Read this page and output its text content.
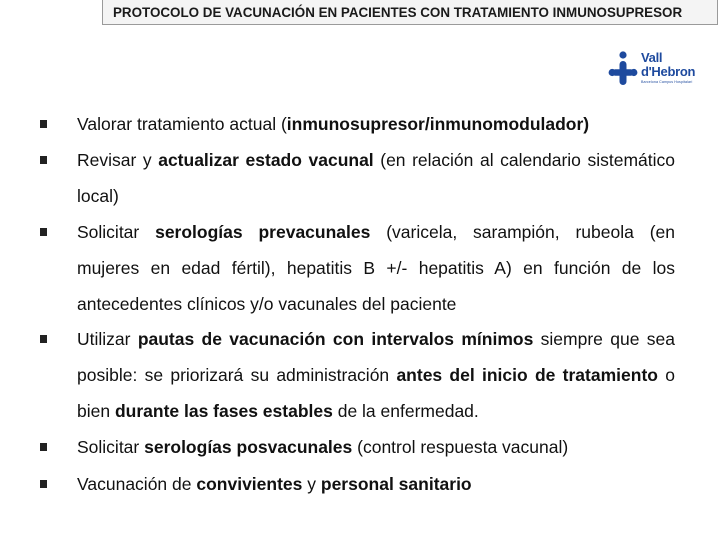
PROTOCOLO DE VACUNACIÓN EN PACIENTES CON TRATAMIENTO INMUNOSUPRESOR
Vall
d'Hebron
Barcelona Campus Hospitalari

Valorar tratamiento actual (inmunosupresor/inmunomodulador)

Revisar y actualizar estado vacunal (en relación al calendario sistemático local)

Solicitar serologías prevacunales (varicela, sarampión, rubeola (en mujeres en edad fértil), hepatitis B +/- hepatitis A) en función de los antecedentes clínicos y/o vacunales del paciente

Utilizar pautas de vacunación con intervalos mínimos siempre que sea posible: se priorizará su administración antes del inicio de tratamiento o bien durante las fases estables de la enfermedad.

Solicitar serologías posvacunales (control respuesta vacunal)

Vacunación de convivientes y personal sanitario
